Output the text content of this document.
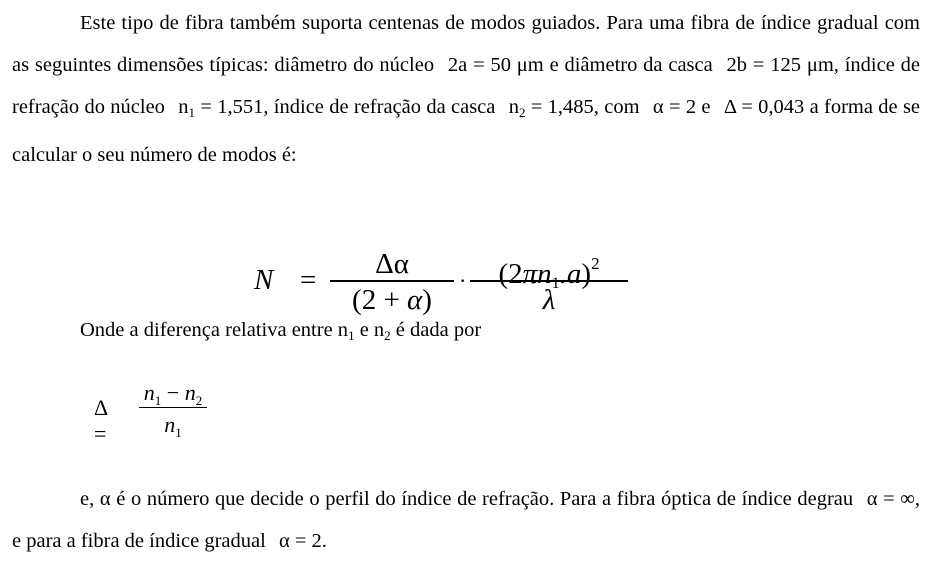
Este tipo de fibra também suporta centenas de modos guiados. Para uma fibra de índice gradual com as seguintes dimensões típicas: diâmetro do núcleo 2a = 50 μm e diâmetro da casca 2b = 125 μm, índice de refração do núcleo $n_1 = 1,551$, índice de refração da casca $n_2 = 1,485$, com α = 2 e Δ = 0,043 a forma de se calcular o seu número de modos é:

N =	Δα
(2 + α)
·	$(2\pi n1.a)^2$
λ

Onde a diferença relativa entre $n_1$ e $n_2$ é dada por

Δ =
$n_1 - n_2$
$n_1$

e, α é o número que decide o perfil do índice de refração. Para a fibra óptica de índice degrau α = ∞, e para a fibra de índice gradual α = 2.
